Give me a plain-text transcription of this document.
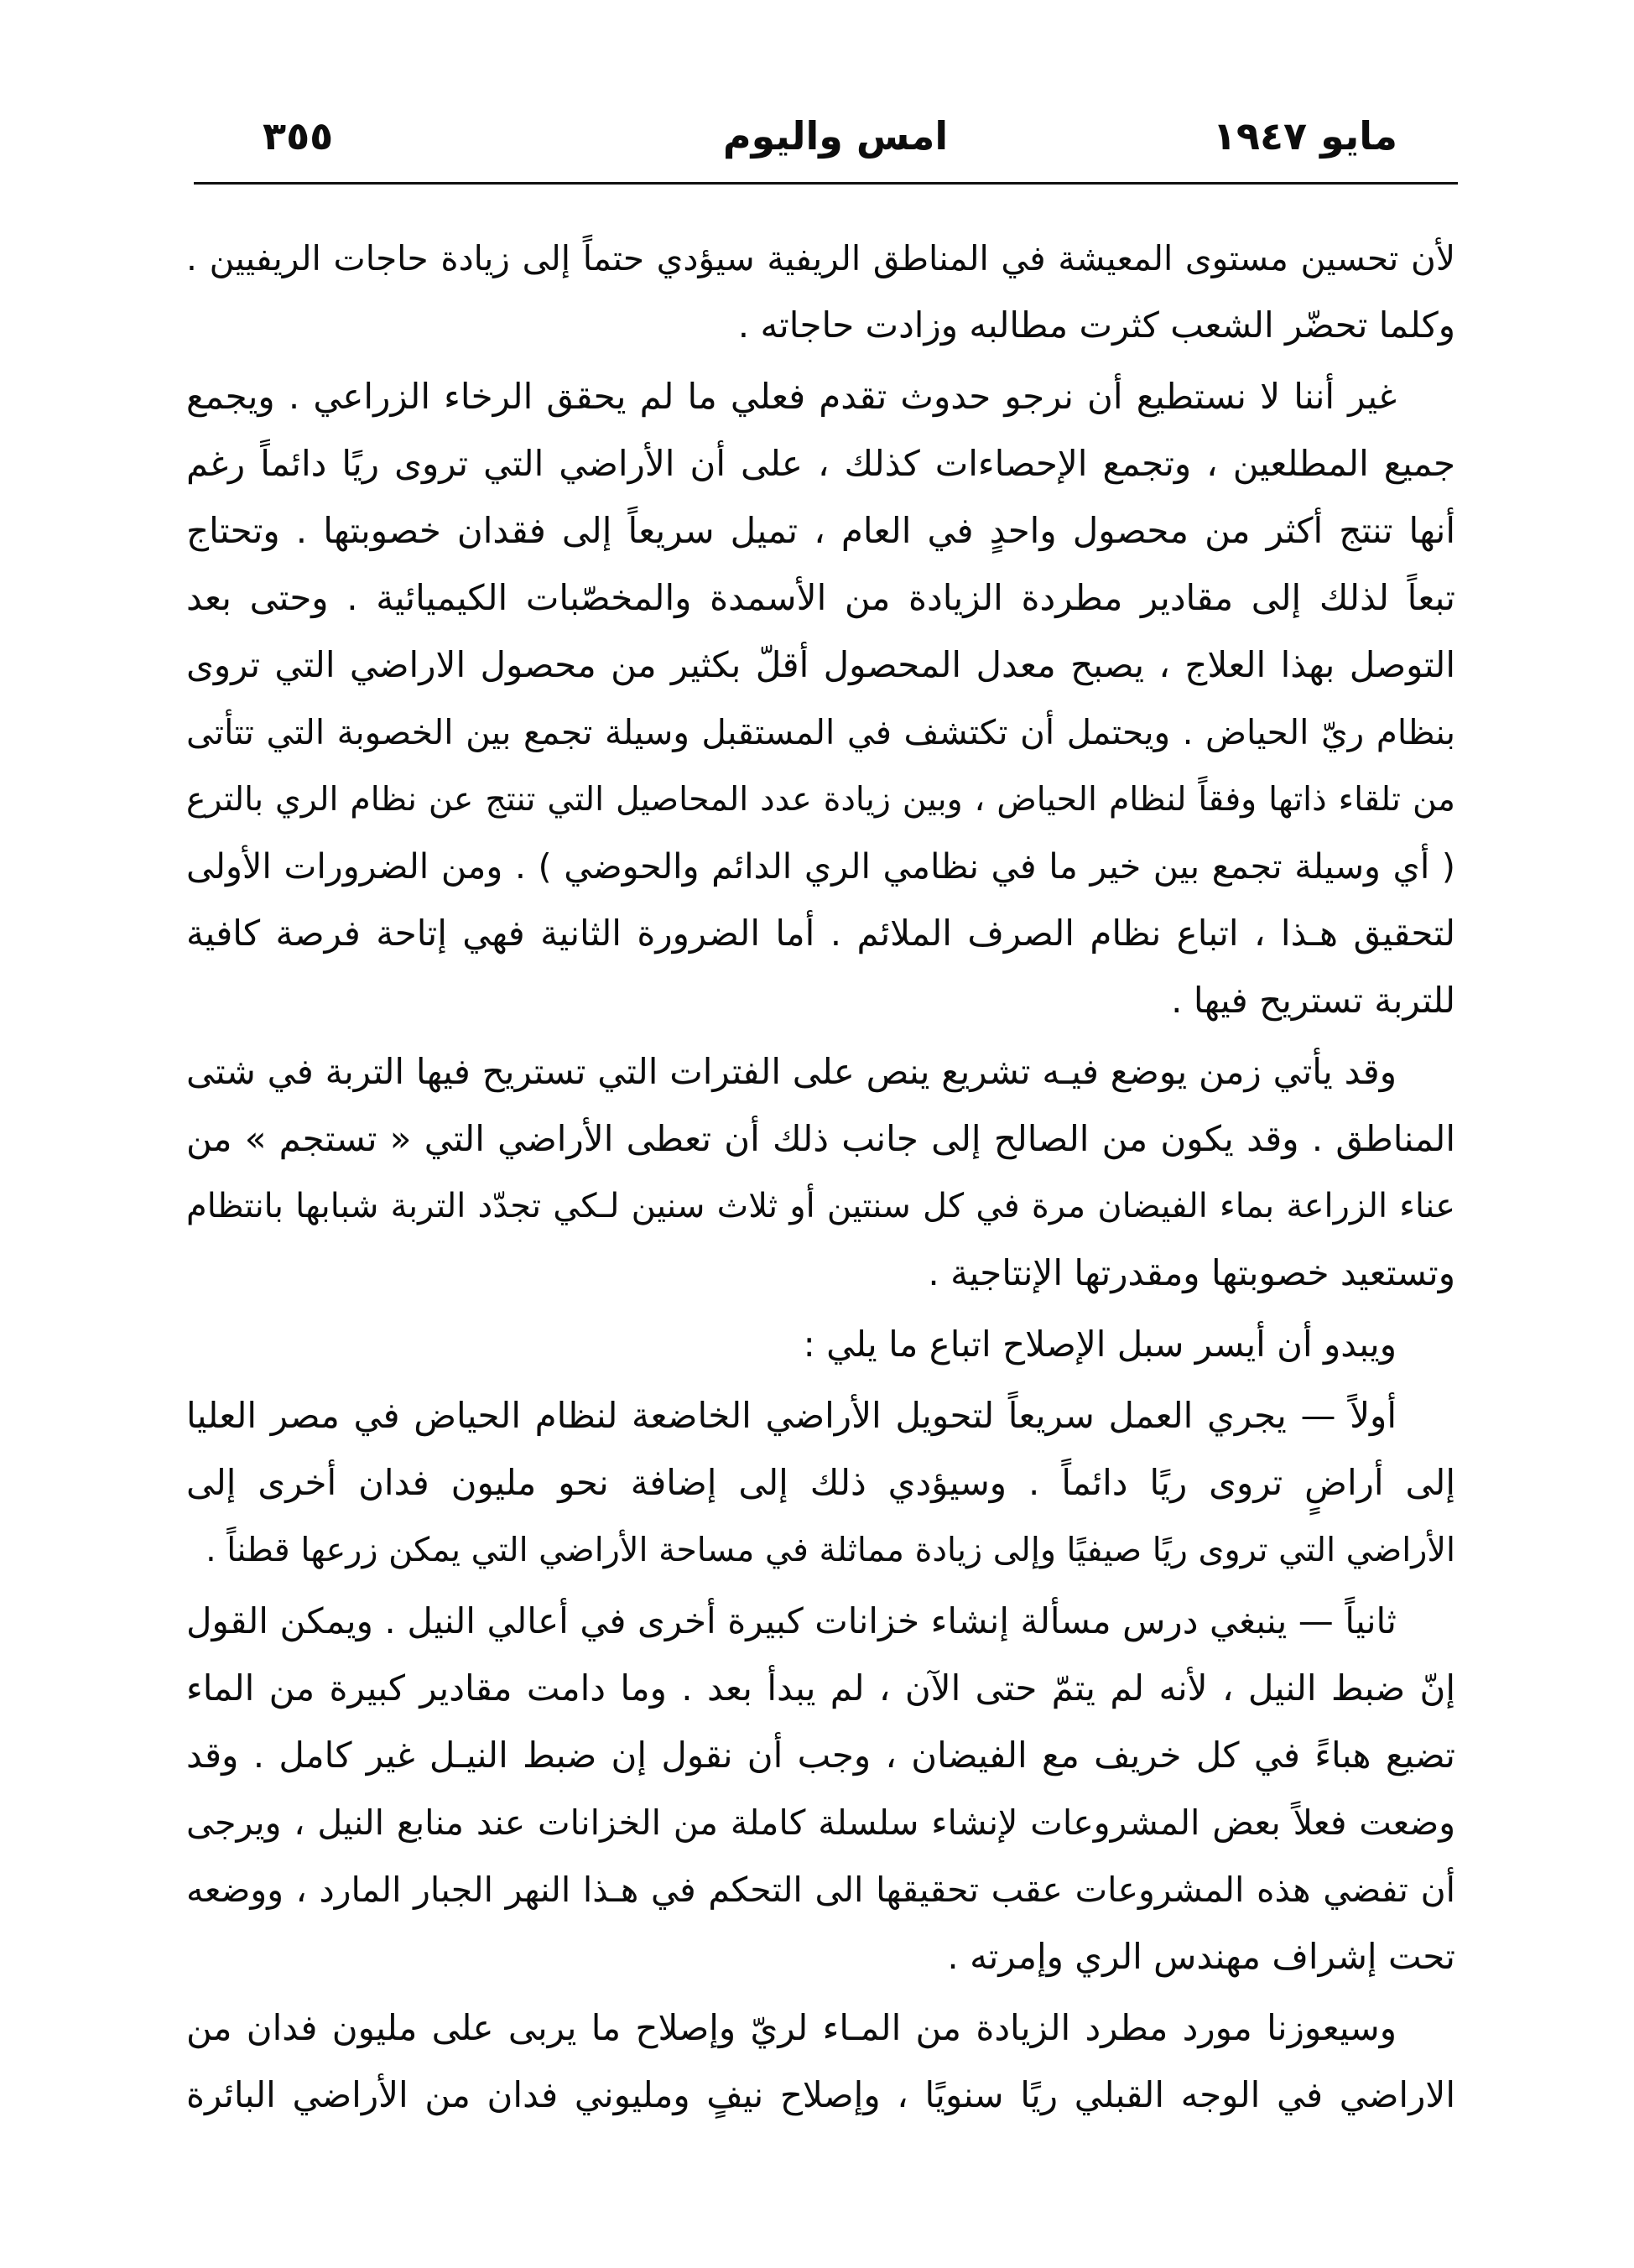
مايو ١٩٤٧
امس واليوم
٣٥٥
لأن تحسين مستوى المعيشة في المناطق الريفية سيؤدي حتماً إلى زيادة حاجات الريفيين .
وكلما تحضّر الشعب كثرت مطالبه وزادت حاجاته .
غير أننا لا نستطيع أن نرجو حدوث تقدم فعلي ما لم يحقق الرخاء الزراعي . ويجمع
جميع المطلعين ، وتجمع الإحصاءات كذلك ، على أن الأراضي التي تروى ريًا دائماً رغم
أنها تنتج أكثر من محصول واحدٍ في العام ، تميل سريعاً إلى فقدان خصوبتها . وتحتاج
تبعاً لذلك إلى مقادير مطردة الزيادة من الأسمدة والمخصّبات الكيميائية . وحتى بعد
التوصل بهذا العلاج ، يصبح معدل المحصول أقلّ بكثير من محصول الاراضي التي تروى
بنظام ريّ الحياض . ويحتمل أن تكتشف في المستقبل وسيلة تجمع بين الخصوبة التي تتأتى
من تلقاء ذاتها وفقاً لنظام الحياض ، وبين زيادة عدد المحاصيل التي تنتج عن نظام الري بالترع
( أي وسيلة تجمع بين خير ما في نظامي الري الدائم والحوضي ) . ومن الضرورات الأولى
لتحقيق هـذا ، اتباع نظام الصرف الملائم . أما الضرورة الثانية فهي إتاحة فرصة كافية
للتربة تستريح فيها .
وقد يأتي زمن يوضع فيـه تشريع ينص على الفترات التي تستريح فيها التربة في شتى
المناطق . وقد يكون من الصالح إلى جانب ذلك أن تعطى الأراضي التي « تستجم » من
عناء الزراعة بماء الفيضان مرة في كل سنتين أو ثلاث سنين لـكي تجدّد التربة شبابها بانتظام
وتستعيد خصوبتها ومقدرتها الإنتاجية .
ويبدو أن أيسر سبل الإصلاح اتباع ما يلي :
أولاً — يجري العمل سريعاً لتحويل الأراضي الخاضعة لنظام الحياض في مصر العليا
إلى أراضٍ تروى ريًا دائماً . وسيؤدي ذلك إلى إضافة نحو مليون فدان أخرى إلى
الأراضي التي تروى ريًا صيفيًا وإلى زيادة مماثلة في مساحة الأراضي التي يمكن زرعها قطناً .
ثانياً — ينبغي درس مسألة إنشاء خزانات كبيرة أخرى في أعالي النيل . ويمكن القول
إنّ ضبط النيل ، لأنه لم يتمّ حتى الآن ، لم يبدأ بعد . وما دامت مقادير كبيرة من الماء
تضيع هباءً في كل خريف مع الفيضان ، وجب أن نقول إن ضبط النيـل غير كامل . وقد
وضعت فعلاً بعض المشروعات لإنشاء سلسلة كاملة من الخزانات عند منابع النيل ، ويرجى
أن تفضي هذه المشروعات عقب تحقيقها الى التحكم في هـذا النهر الجبار المارد ، ووضعه
تحت إشراف مهندس الري وإمرته .
وسيعوزنا مورد مطرد الزيادة من المـاء لريّ وإصلاح ما يربى على مليون فدان من
الاراضي في الوجه القبلي ريًا سنويًا ، وإصلاح نيفٍ ومليوني فدان من الأراضي البائرة
